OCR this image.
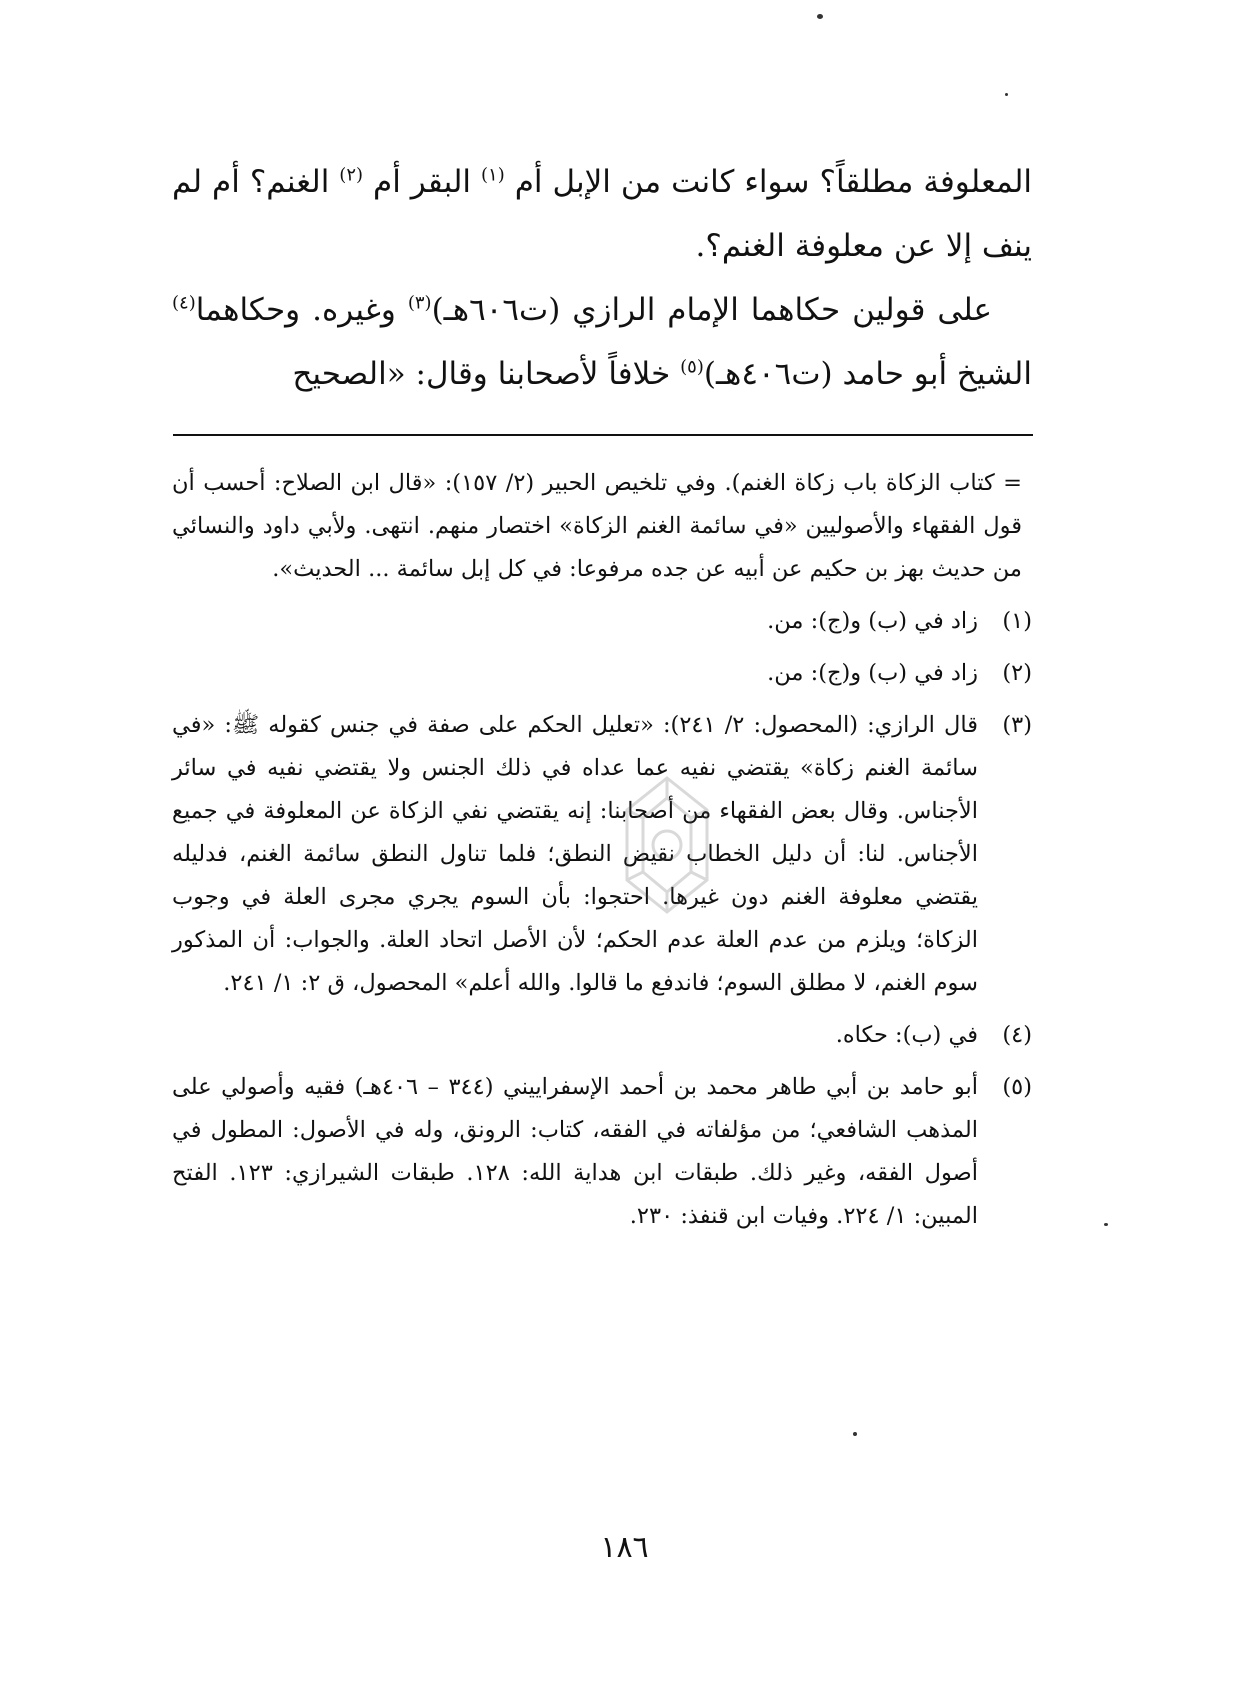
المعلوفة مطلقاً؟ سواء كانت من الإبل أم $^{(١)}$ البقر أم $^{(٢)}$ الغنم؟ أم لم ينف إلا عن معلوفة الغنم؟.

على قولين حكاهما الإمام الرازي (ت٦٠٦هـ)$^{(٣)}$ وغيره. وحكاهما$^{(٤)}$ الشيخ أبو حامد (ت٤٠٦هـ)$^{(٥)}$ خلافاً لأصحابنا وقال: «الصحيح

= كتاب الزكاة باب زكاة الغنم). وفي تلخيص الحبير (٢/ ١٥٧): «قال ابن الصلاح: أحسب أن قول الفقهاء والأصوليين «في سائمة الغنم الزكاة» اختصار منهم. انتهى. ولأبي داود والنسائي من حديث بهز بن حكيم عن أبيه عن جده مرفوعا: في كل إبل سائمة ... الحديث».

(١)
زاد في (ب) و(ج): من.
(٢)
زاد في (ب) و(ج): من.
(٣)
قال الرازي: (المحصول: ٢/ ٢٤١): «تعليل الحكم على صفة في جنس كقوله ﷺ: «في سائمة الغنم زكاة» يقتضي نفيه عما عداه في ذلك الجنس ولا يقتضي نفيه في سائر الأجناس. وقال بعض الفقهاء من أصحابنا: إنه يقتضي نفي الزكاة عن المعلوفة في جميع الأجناس. لنا: أن دليل الخطاب نقيض النطق؛ فلما تناول النطق سائمة الغنم، فدليله يقتضي معلوفة الغنم دون غيرها. احتجوا: بأن السوم يجري مجرى العلة في وجوب الزكاة؛ ويلزم من عدم العلة عدم الحكم؛ لأن الأصل اتحاد العلة. والجواب: أن المذكور سوم الغنم، لا مطلق السوم؛ فاندفع ما قالوا. والله أعلم» المحصول، ق ٢: ١/ ٢٤١.
(٤)
في (ب): حكاه.
(٥)
أبو حامد بن أبي طاهر محمد بن أحمد الإسفراييني (٣٤٤ – ٤٠٦هـ) فقيه وأصولي على المذهب الشافعي؛ من مؤلفاته في الفقه، كتاب: الرونق، وله في الأصول: المطول في أصول الفقه، وغير ذلك. طبقات ابن هداية الله: ١٢٨. طبقات الشيرازي: ١٢٣. الفتح المبين: ١/ ٢٢٤. وفيات ابن قنفذ: ٢٣٠.
١٨٦
